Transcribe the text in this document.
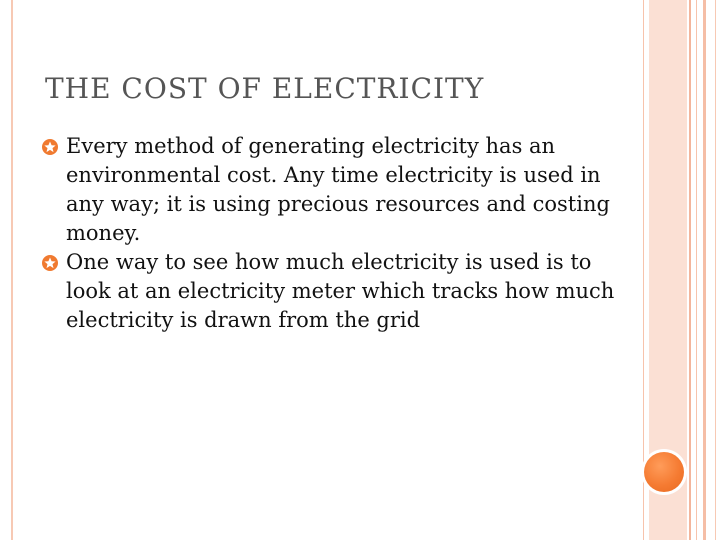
THE COST OF ELECTRICITY
Every method of generating electricity has an environmental cost. Any time electricity is used in any way; it is using precious resources and costing money.
One way to see how much electricity is used is to look at an electricity meter which tracks how much electricity is drawn from the grid
